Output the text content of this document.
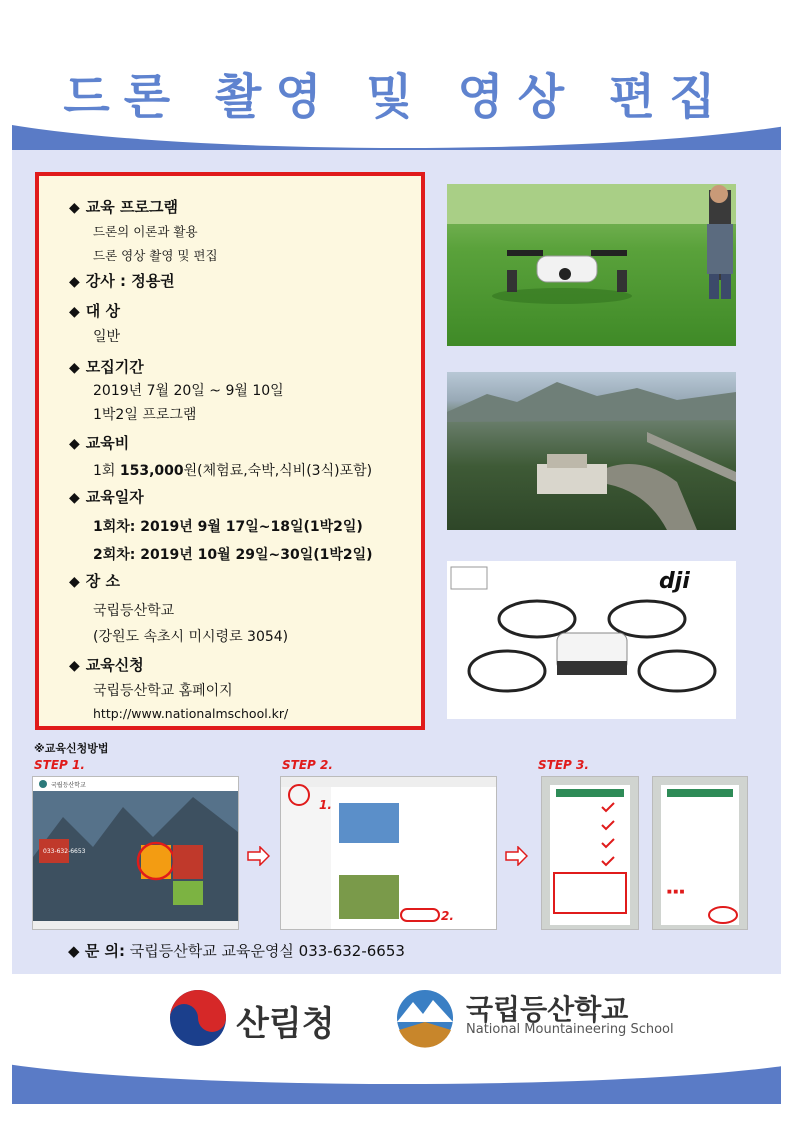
드론 촬영 및 영상 편집
◆ 교육 프로그램
드론의 이론과 활용
드론 영상 촬영 및 편집
◆ 강사 : 정용권
◆ 대 상
일반
◆ 모집기간
2019년 7월 20일 ~ 9월 10일
1박2일 프로그램
◆ 교육비
1회 153,000원(체험료,숙박,식비(3식)포함)
◆ 교육일자
1회차: 2019년 9월 17일~18일(1박2일)
2회차: 2019년 10월 29일~30일(1박2일)
◆ 장 소
국립등산학교
(강원도 속초시 미시령로 3054)
◆ 교육신청
국립등산학교 홈페이지
http://www.nationalmschool.kr/
dji
※교육신청방법
STEP 1.	STEP 2.	STEP 3.
국립등산학교
033-632-6653
1.
2.
■ ■ ■
◆ 문 의: 국립등산학교 교육운영실 033-632-6653
산림청	국립등산학교
National Mountaineering School
